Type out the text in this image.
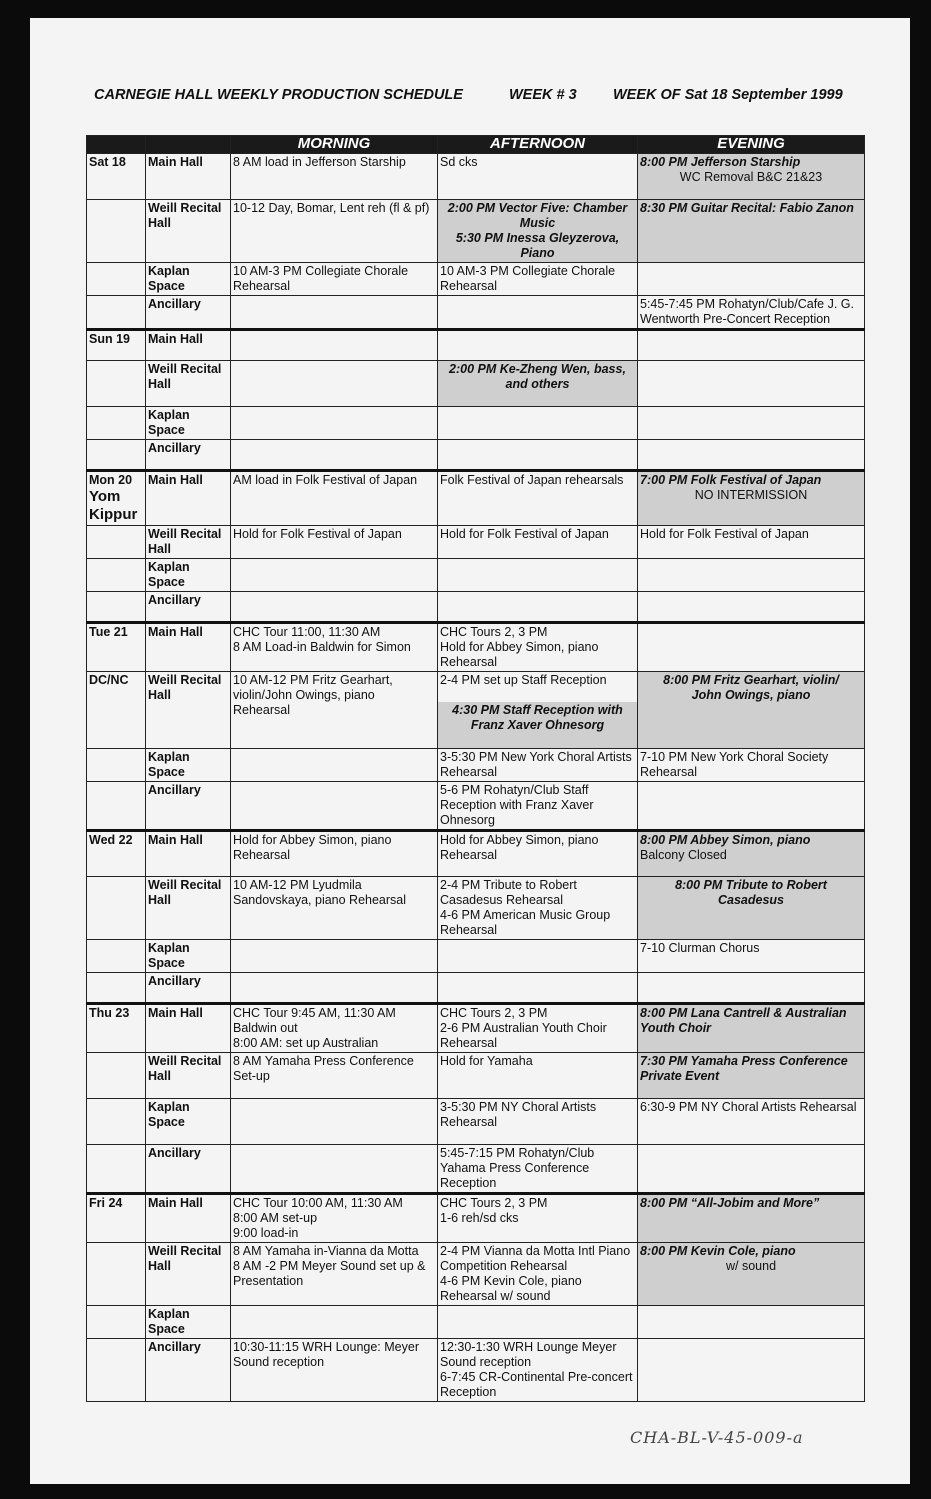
CARNEGIE HALL WEEKLY PRODUCTION SCHEDULE	WEEK # 3	WEEK OF Sat 18 September 1999
		MORNING	AFTERNOON	EVENING
Sat 18	Main Hall	8 AM load in Jefferson Starship	Sd cks	8:00 PM Jefferson Starship
WC Removal B&C 21&23

	Weill Recital Hall	10-12 Day, Bomar, Lent reh (fl & pf)	2:00 PM Vector Five: Chamber Music
5:30 PM Inessa Gleyzerova, Piano	8:30 PM Guitar Recital: Fabio Zanon
	Kaplan Space	10 AM-3 PM Collegiate Chorale Rehearsal	10 AM-3 PM Collegiate Chorale Rehearsal	
	Ancillary			5:45-7:45 PM Rohatyn/Club/Cafe J. G. Wentworth Pre-Concert Reception
Sun 19	Main Hall			
	Weill Recital Hall		2:00 PM Ke-Zheng Wen, bass, and others	

	Kaplan Space			
	Ancillary			
Mon 20
Yom Kippur	Main Hall	AM load in Folk Festival of Japan	Folk Festival of Japan rehearsals	7:00 PM Folk Festival of Japan
NO INTERMISSION

	Weill Recital Hall	Hold for Folk Festival of Japan	Hold for Folk Festival of Japan	Hold for Folk Festival of Japan
	Kaplan Space			
	Ancillary			
Tue 21	Main Hall	CHC Tour 11:00, 11:30 AM
8 AM Load-in Baldwin for Simon	CHC Tours 2, 3 PM
Hold for Abbey Simon, piano Rehearsal	

DC/NC	Weill Recital Hall	10 AM-12 PM Fritz Gearhart, violin/John Owings, piano Rehearsal	2-4 PM set up Staff Reception
4:30 PM Staff Reception with Franz Xaver Ohnesorg	8:00 PM Fritz Gearhart, violin/
John Owings, piano

	Kaplan Space		3-5:30 PM New York Choral Artists Rehearsal	7-10 PM New York Choral Society Rehearsal
	Ancillary		5-6 PM Rohatyn/Club Staff Reception with Franz Xaver Ohnesorg	
Wed 22	Main Hall	Hold for Abbey Simon, piano Rehearsal	Hold for Abbey Simon, piano Rehearsal	8:00 PM Abbey Simon, piano
Balcony Closed

	Weill Recital Hall	10 AM-12 PM Lyudmila Sandovskaya, piano Rehearsal	2-4 PM Tribute to Robert Casadesus Rehearsal
4-6 PM American Music Group Rehearsal	8:00 PM Tribute to Robert
Casadesus

	Kaplan Space			7-10 Clurman Chorus
	Ancillary			
Thu 23	Main Hall	CHC Tour 9:45 AM, 11:30 AM
Baldwin out
8:00 AM: set up Australian	CHC Tours 2, 3 PM
2-6 PM Australian Youth Choir Rehearsal	8:00 PM Lana Cantrell & Australian Youth Choir
	Weill Recital Hall	8 AM Yamaha Press Conference Set-up	Hold for Yamaha	7:30 PM Yamaha Press Conference Private Event
	Kaplan Space		3-5:30 PM NY Choral Artists Rehearsal	6:30-9 PM NY Choral Artists Rehearsal
	Ancillary		5:45-7:15 PM Rohatyn/Club Yahama Press Conference Reception	
Fri 24	Main Hall	CHC Tour 10:00 AM, 11:30 AM
8:00 AM set-up
9:00 load-in	CHC Tours 2, 3 PM
1-6 reh/sd cks	8:00 PM “All-Jobim and More”
	Weill Recital Hall	8 AM Yamaha in-Vianna da Motta
8 AM -2 PM Meyer Sound set up & Presentation	2-4 PM Vianna da Motta Intl Piano Competition Rehearsal
4-6 PM Kevin Cole, piano Rehearsal w/ sound	8:00 PM Kevin Cole, piano
w/ sound

	Kaplan Space			
	Ancillary	10:30-11:15 WRH Lounge: Meyer Sound reception	12:30-1:30 WRH Lounge Meyer Sound reception
6-7:45 CR-Continental Pre-concert Reception	

CHA-BL-V-45-009-a
